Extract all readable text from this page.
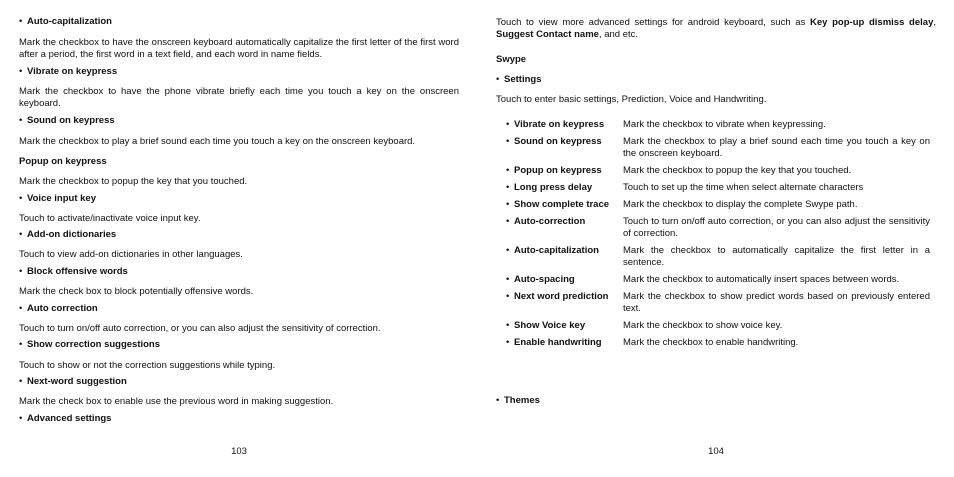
• Auto-capitalization
Mark the checkbox to have the onscreen keyboard automatically capitalize the first letter of the first word after a period, the first word in a text field, and each word in name fields.
• Vibrate on keypress
Mark the checkbox to have the phone vibrate briefly each time you touch a key on the onscreen keyboard.
• Sound on keypress
Mark the checkbox to play a brief sound each time you touch a key on the onscreen keyboard.
Popup on keypress
Mark the checkbox to popup the key that you touched.
• Voice input key
Touch to activate/inactivate voice input key.
• Add-on dictionaries
Touch to view add-on dictionaries in other languages.
• Block offensive words
Mark the check box to block potentially offensive words.
• Auto correction
Touch to turn on/off auto correction, or you can also adjust the sensitivity of correction.
• Show correction suggestions
Touch to show or not the correction suggestions while typing.
• Next-word suggestion
Mark the check box to enable use the previous word in making suggestion.
• Advanced settings
103
Touch to view more advanced settings for android keyboard, such as Key pop-up dismiss delay, Suggest Contact name, and etc.
Swype
• Settings
Touch to enter basic settings, Prediction, Voice and Handwriting.
• Vibrate on keypress	Mark the checkbox to vibrate when keypressing.
• Sound on keypress	Mark the checkbox to play a brief sound each time you touch a key on the onscreen keyboard.
• Popup on keypress	Mark the checkbox to popup the key that you touched.
• Long press delay	Touch to set up the time when select alternate characters
• Show complete trace	Mark the checkbox to display the complete Swype path.
• Auto-correction	Touch to turn on/off auto correction, or you can also adjust the sensitivity of correction.
• Auto-capitalization	Mark the checkbox to automatically capitalize the first letter in a sentence.
• Auto-spacing	Mark the checkbox to automatically insert spaces between words.
• Next word prediction	Mark the checkbox to show predict words based on previously entered text.
• Show Voice key	Mark the checkbox to show voice key.
• Enable handwriting	Mark the checkbox to enable handwriting.
• Themes
104
